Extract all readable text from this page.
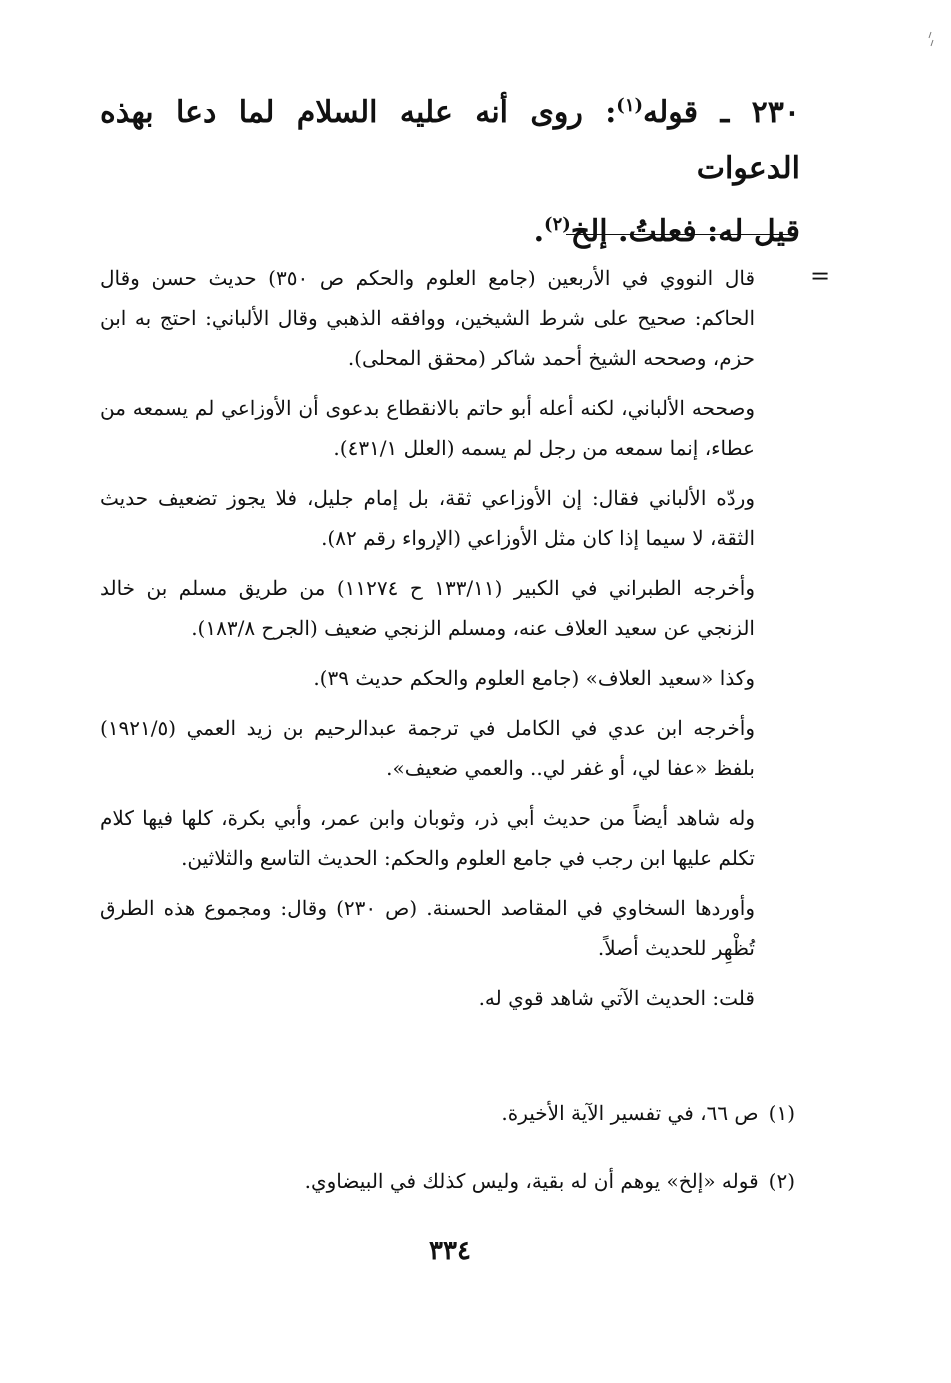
٢٣٠ ـ قوله$^{(١)}$: روى أنه عليه السلام لما دعا بهذه الدعوات
قيل له: فعلتُ. إلخ$^{(٢)}$.
=

قال النووي في الأربعين (جامع العلوم والحكم ص ٣٥٠) حديث حسن وقال الحاكم: صحيح على شرط الشيخين، ووافقه الذهبي وقال الألباني: احتج به ابن حزم، وصححه الشيخ أحمد شاكر (محقق المحلى).

وصححه الألباني، لكنه أعله أبو حاتم بالانقطاع بدعوى أن الأوزاعي لم يسمعه من عطاء، إنما سمعه من رجل لم يسمه (العلل ٤٣١/١).

وردّه الألباني فقال: إن الأوزاعي ثقة، بل إمام جليل، فلا يجوز تضعيف حديث الثقة، لا سيما إذا كان مثل الأوزاعي (الإرواء رقم ٨٢).

وأخرجه الطبراني في الكبير (١٣٣/١١ ح ١١٢٧٤) من طريق مسلم بن خالد الزنجي عن سعيد العلاف عنه، ومسلم الزنجي ضعيف (الجرح ١٨٣/٨).

وكذا «سعيد العلاف» (جامع العلوم والحكم حديث ٣٩).

وأخرجه ابن عدي في الكامل في ترجمة عبدالرحيم بن زيد العمي (١٩٢١/٥) بلفظ «عفا لي، أو غفر لي.. والعمي ضعيف».

وله شاهد أيضاً من حديث أبي ذر، وثوبان وابن عمر، وأبي بكرة، كلها فيها كلام تكلم عليها ابن رجب في جامع العلوم والحكم: الحديث التاسع والثلاثين.

وأوردها السخاوي في المقاصد الحسنة. (ص ٢٣٠) وقال: ومجموع هذه الطرق تُظْهِر للحديث أصلاً.

قلت: الحديث الآتي شاهد قوي له.

(١)ص ٦٦، في تفسير الآية الأخيرة.

(٢)قوله «إلخ» يوهم أن له بقية، وليس كذلك في البيضاوي.

٣٣٤
